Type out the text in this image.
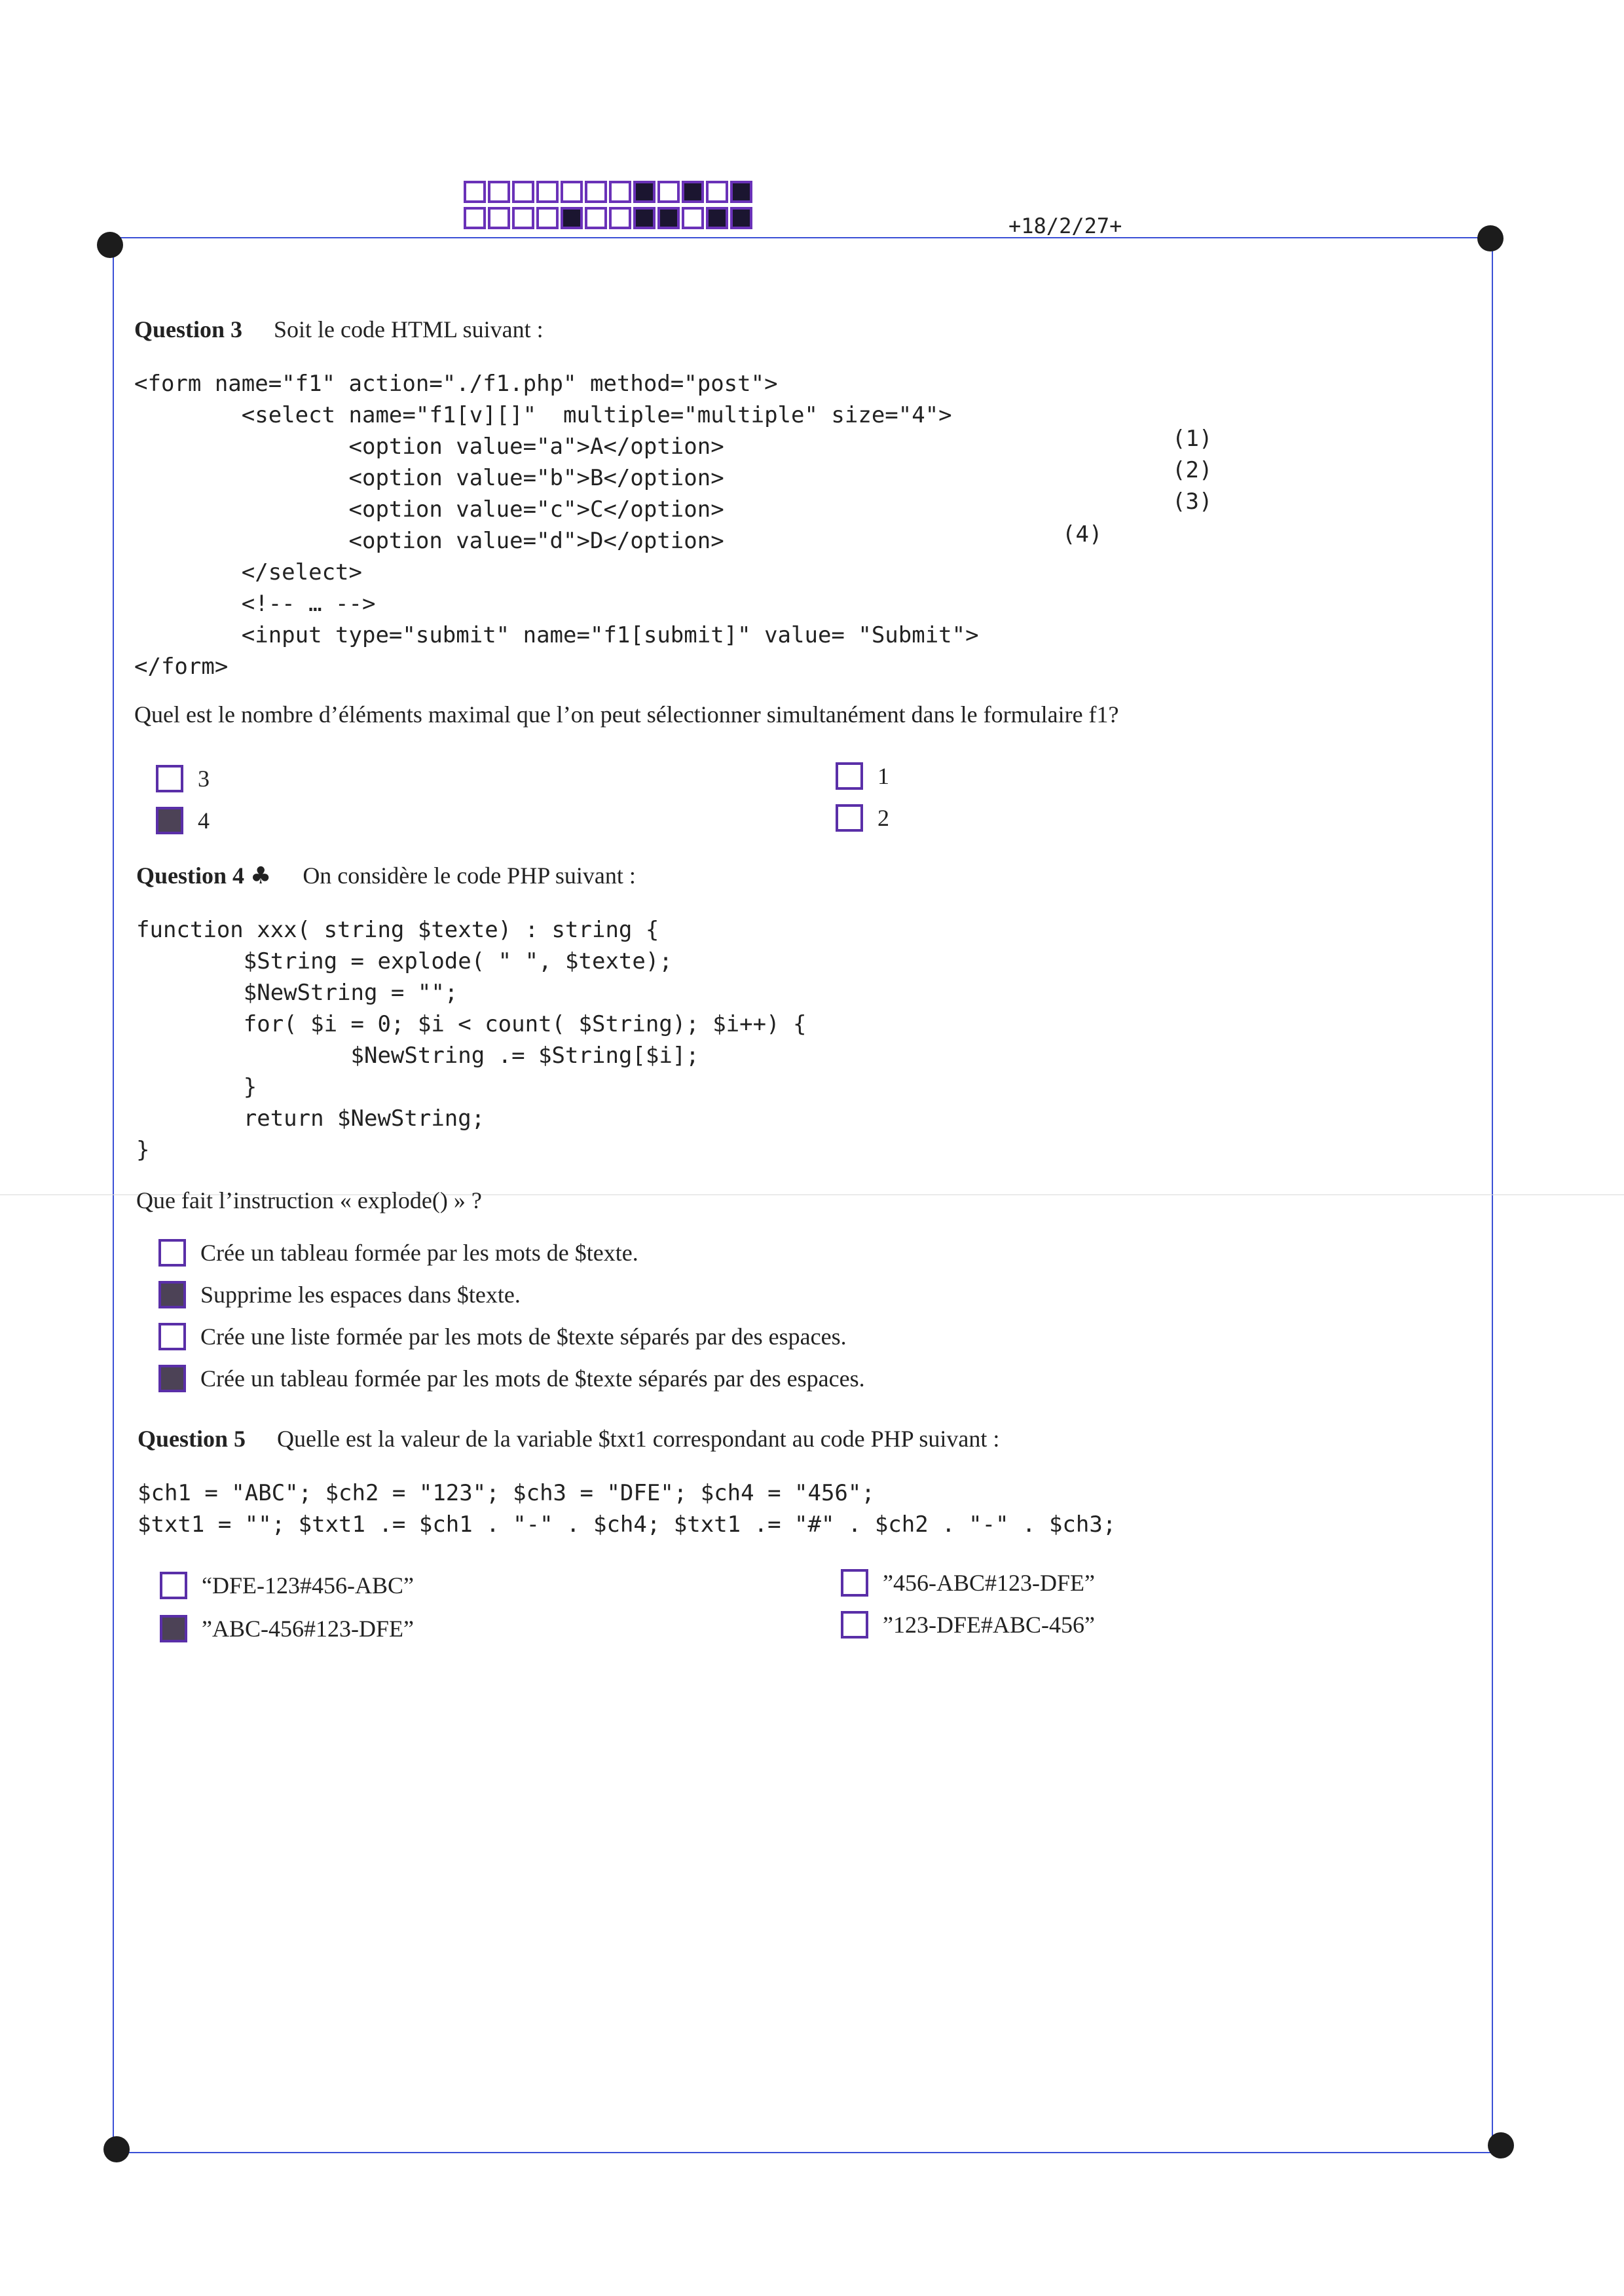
+18/2/27+
Question 3 Soit le code HTML suivant :
<form name="f1" action="./f1.php" method="post">
<select name="f1[v][]"  multiple="multiple" size="4">
<option value="a">A</option>
<option value="b">B</option>
<option value="c">C</option>
<option value="d">D</option>
</select>
<!-- … -->
<input type="submit" name="f1[submit]" value= "Submit">
</form>
(1)
(2)
(3)
(4)
Quel est le nombre d’éléments maximal que l’on peut sélectionner simultanément dans le formulaire f1?
3
4
1
2
Question 4 ♣ On considère le code PHP suivant :
function xxx( string $texte) : string {
$String = explode( " ", $texte);
$NewString = "";
for( $i = 0; $i < count( $String); $i++) {
$NewString .= $String[$i];
}
return $NewString;
}
Que fait l’instruction « explode() » ?
Crée un tableau formée par les mots de $texte.
Supprime les espaces dans $texte.
Crée une liste formée par les mots de $texte séparés par des espaces.
Crée un tableau formée par les mots de $texte séparés par des espaces.
Question 5 Quelle est la valeur de la variable $txt1 correspondant au code PHP suivant :
$ch1 = "ABC"; $ch2 = "123"; $ch3 = "DFE"; $ch4 = "456";
$txt1 = ""; $txt1 .= $ch1 . "-" . $ch4; $txt1 .= "#" . $ch2 . "-" . $ch3;
“DFE-123#456-ABC”
”ABC-456#123-DFE”
”456-ABC#123-DFE”
”123-DFE#ABC-456”
